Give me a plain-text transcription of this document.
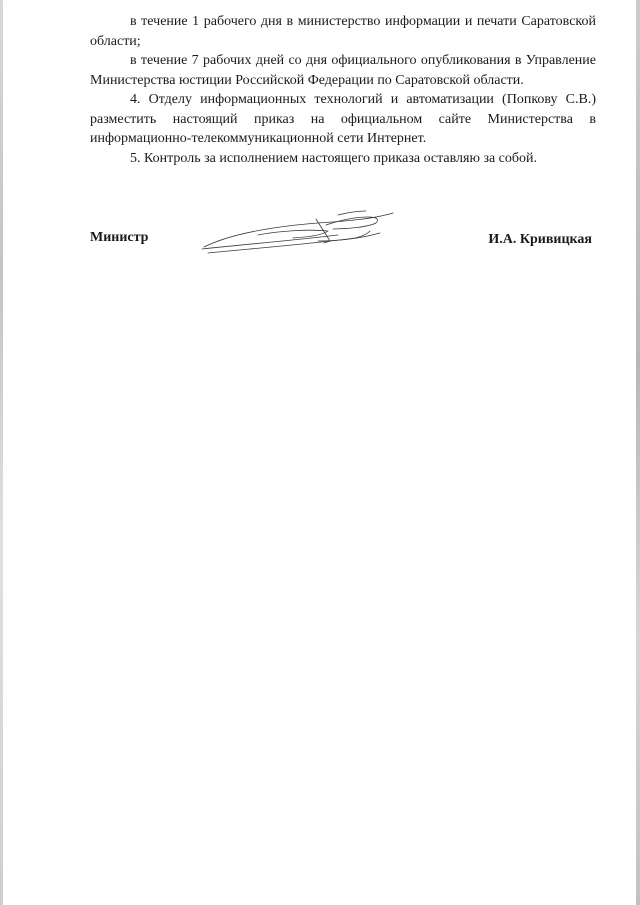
в течение 1 рабочего дня в министерство информации и печати Саратовской области;

в течение 7 рабочих дней со дня официального опубликования в Управление Министерства юстиции Российской Федерации по Саратовской области.

4. Отделу информационных технологий и автоматизации (Попкову С.В.) разместить настоящий приказ на официальном сайте Министерства в информационно-телекоммуникационной сети Интернет.

5. Контроль за исполнением настоящего приказа оставляю за собой.

Министр	И.А. Кривицкая
